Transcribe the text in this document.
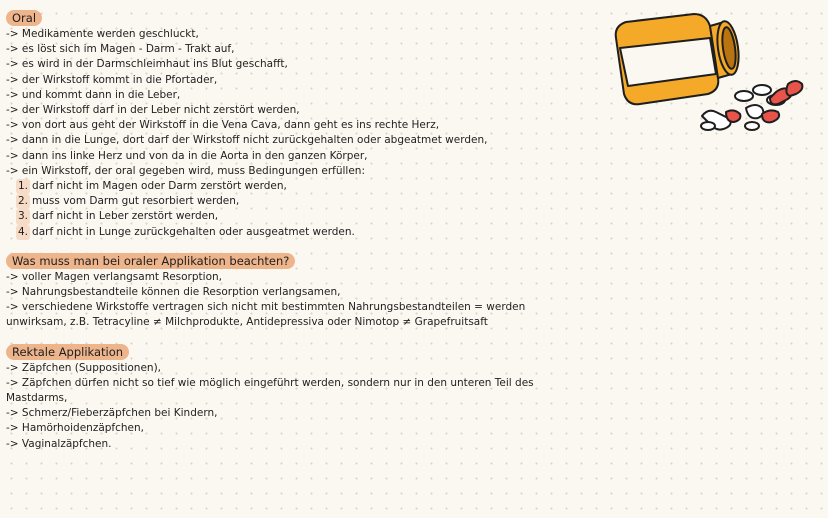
Oral
-> Medikamente werden geschluckt,
-> es löst sich im Magen - Darm - Trakt auf,
-> es wird in der Darmschleimhaut ins Blut geschafft,
-> der Wirkstoff kommt in die Pfortader,
-> und kommt dann in die Leber,
-> der Wirkstoff darf in der Leber nicht zerstört werden,
-> von dort aus geht der Wirkstoff in die Vena Cava, dann geht es ins rechte Herz,
-> dann in die Lunge, dort darf der Wirkstoff nicht zurückgehalten oder abgeatmet werden,
-> dann ins linke Herz und von da in die Aorta in den ganzen Körper,
-> ein Wirkstoff, der oral gegeben wird, muss Bedingungen erfüllen:
1. darf nicht im Magen oder Darm zerstört werden,
2. muss vom Darm gut resorbiert werden,
3. darf nicht in Leber zerstört werden,
4. darf nicht in Lunge zurückgehalten oder ausgeatmet werden.
Was muss man bei oraler Applikation beachten?
-> voller Magen verlangsamt Resorption,
-> Nahrungsbestandteile können die Resorption verlangsamen,
-> verschiedene Wirkstoffe vertragen sich nicht mit bestimmten Nahrungsbestandteilen = werden unwirksam, z.B. Tetracyline ≠ Milchprodukte, Antidepressiva oder Nimotop ≠ Grapefruitsaft
Rektale Applikation
-> Zäpfchen (Suppositionen),
-> Zäpfchen dürfen nicht so tief wie möglich eingeführt werden, sondern nur in den unteren Teil des Mastdarms,
-> Schmerz/Fieberzäpfchen bei Kindern,
-> Hamörhoidenzäpfchen,
-> Vaginalzäpfchen.
